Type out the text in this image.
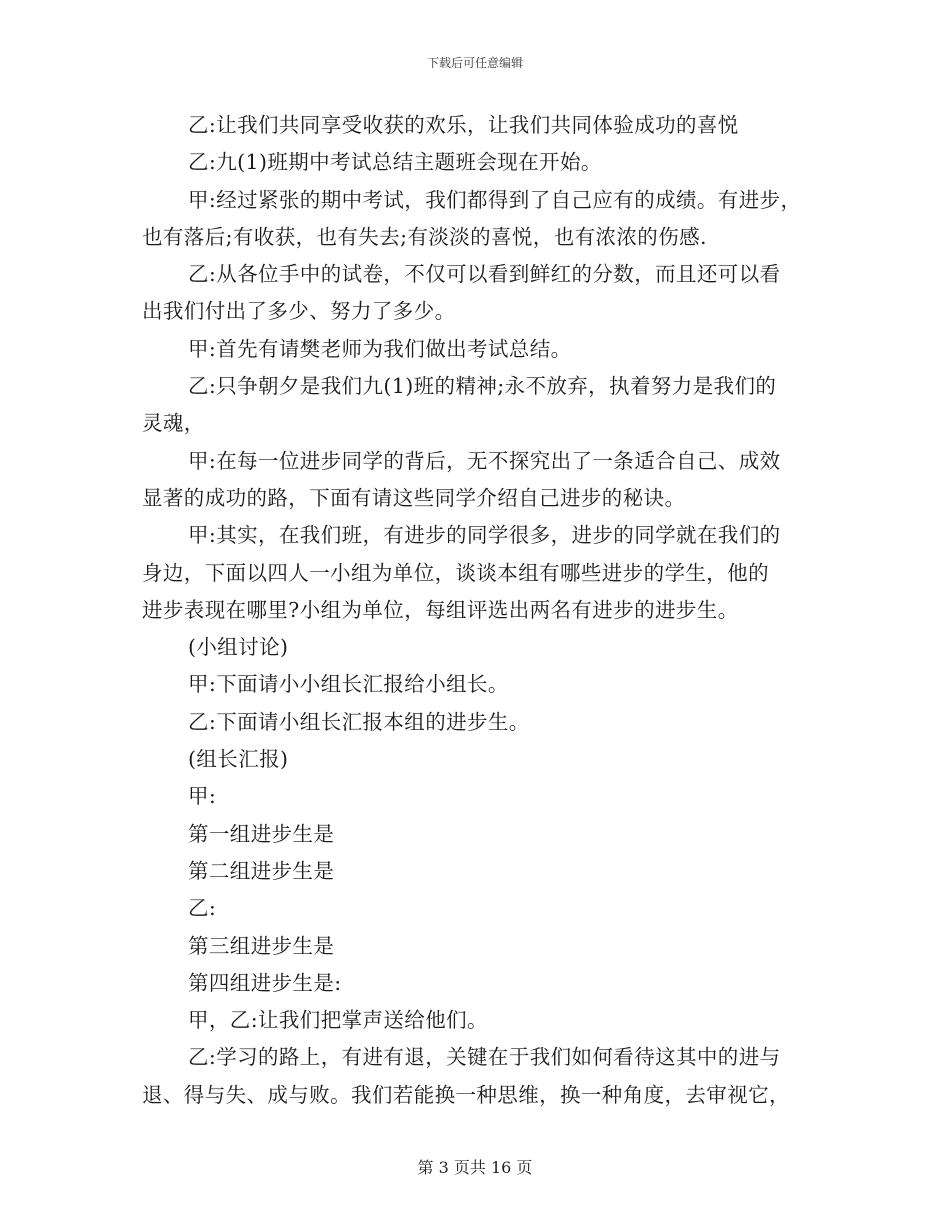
下载后可任意编辑

乙:让我们共同享受收获的欢乐，让我们共同体验成功的喜悦

乙:九(1)班期中考试总结主题班会现在开始。

甲:经过紧张的期中考试，我们都得到了自己应有的成绩。有进步，
也有落后;有收获，也有失去;有淡淡的喜悦，也有浓浓的伤感.

乙:从各位手中的试卷，不仅可以看到鲜红的分数，而且还可以看
出我们付出了多少、努力了多少。

甲:首先有请樊老师为我们做出考试总结。

乙:只争朝夕是我们九(1)班的精神;永不放弃，执着努力是我们的
灵魂，

甲:在每一位进步同学的背后，无不探究出了一条适合自己、成效
显著的成功的路，下面有请这些同学介绍自己进步的秘诀。

甲:其实，在我们班，有进步的同学很多，进步的同学就在我们的
身边，下面以四人一小组为单位，谈谈本组有哪些进步的学生，他的
进步表现在哪里?小组为单位，每组评选出两名有进步的进步生。

(小组讨论)

甲:下面请小小组长汇报给小组长。

乙:下面请小组长汇报本组的进步生。

(组长汇报)

甲:

第一组进步生是

第二组进步生是

乙:

第三组进步生是

第四组进步生是:

甲，乙:让我们把掌声送给他们。

乙:学习的路上，有进有退，关键在于我们如何看待这其中的进与
退、得与失、成与败。我们若能换一种思维，换一种角度，去审视它，

第 3 页共 16 页
